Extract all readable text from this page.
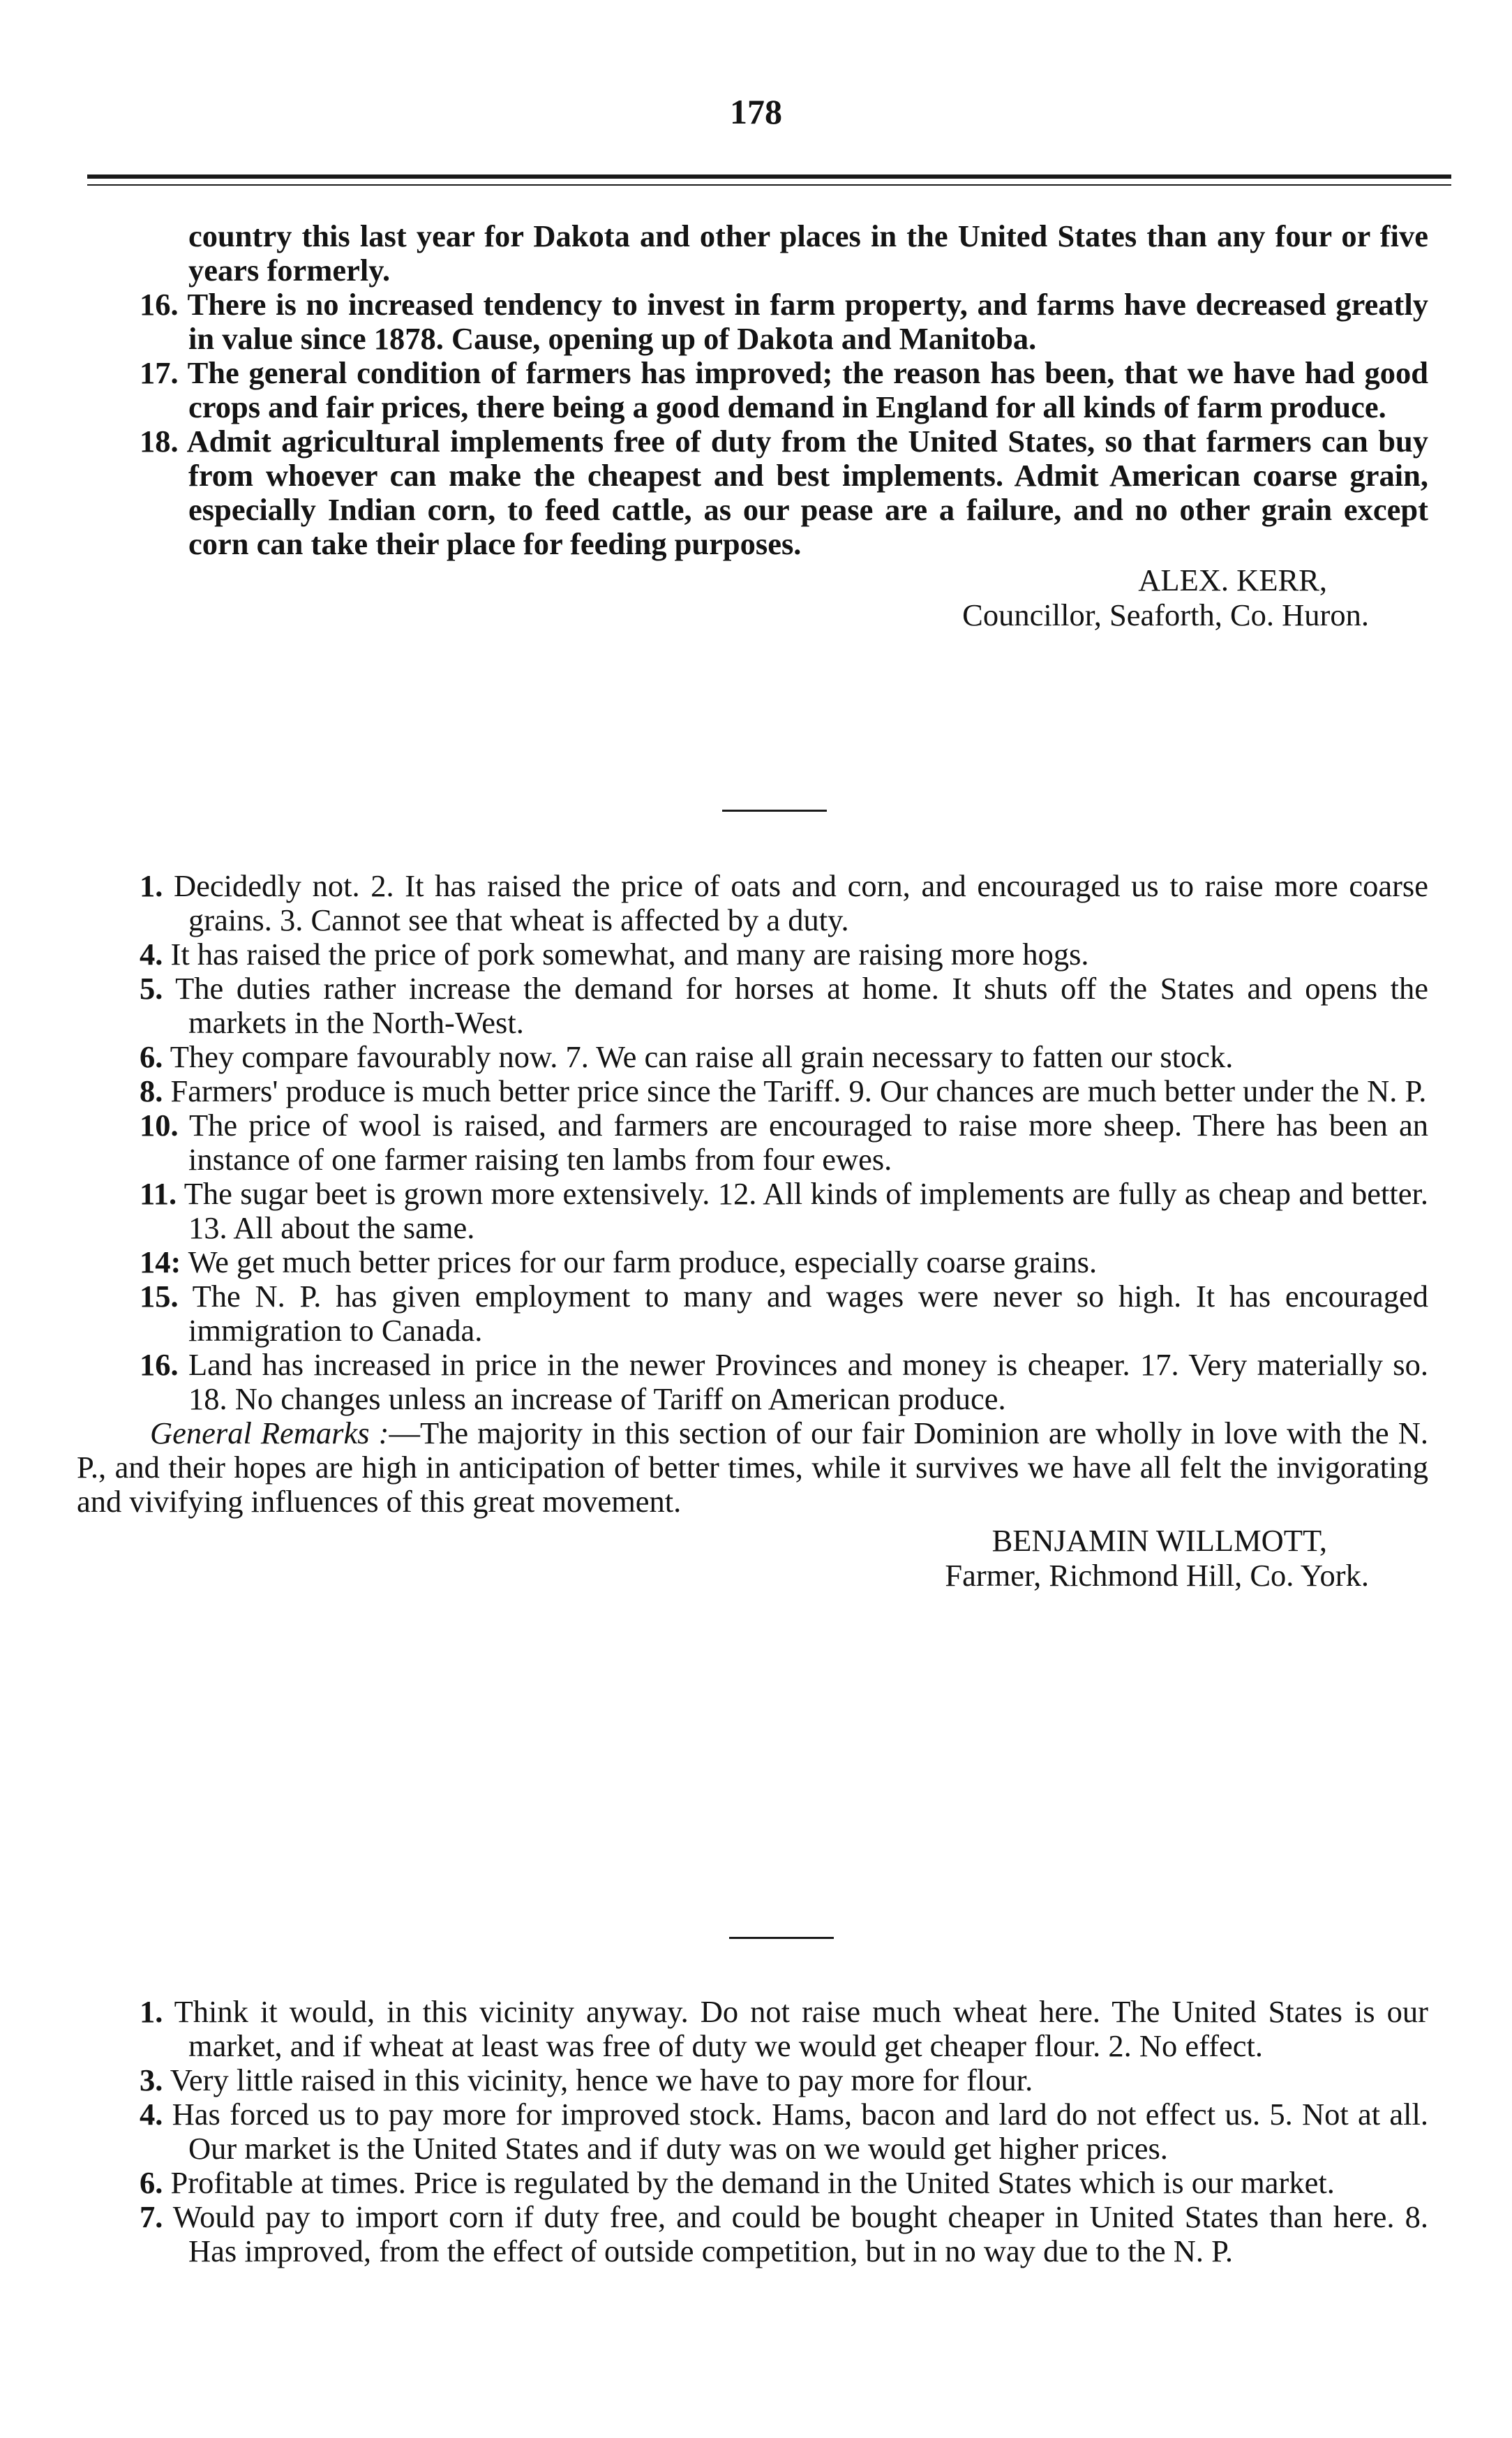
178
country this last year for Dakota and other places in the United States than any four or five years formerly.
16. There is no increased tendency to invest in farm property, and farms have decreased greatly in value since 1878. Cause, opening up of Dakota and Manitoba.
17. The general condition of farmers has improved; the reason has been, that we have had good crops and fair prices, there being a good demand in England for all kinds of farm produce.
18. Admit agricultural implements free of duty from the United States, so that farmers can buy from whoever can make the cheapest and best implements. Admit American coarse grain, especially Indian corn, to feed cattle, as our pease are a failure, and no other grain except corn can take their place for feeding purposes.
ALEX. KERR,
Councillor, Seaforth, Co. Huron.
1. Decidedly not. 2. It has raised the price of oats and corn, and encouraged us to raise more coarse grains. 3. Cannot see that wheat is affected by a duty.
4. It has raised the price of pork somewhat, and many are raising more hogs.
5. The duties rather increase the demand for horses at home. It shuts off the States and opens the markets in the North-West.
6. They compare favourably now. 7. We can raise all grain necessary to fatten our stock.
8. Farmers' produce is much better price since the Tariff. 9. Our chances are much better under the N. P.
10. The price of wool is raised, and farmers are encouraged to raise more sheep. There has been an instance of one farmer raising ten lambs from four ewes.
11. The sugar beet is grown more extensively. 12. All kinds of implements are fully as cheap and better. 13. All about the same.
14: We get much better prices for our farm produce, especially coarse grains.
15. The N. P. has given employment to many and wages were never so high. It has encouraged immigration to Canada.
16. Land has increased in price in the newer Provinces and money is cheaper. 17. Very materially so. 18. No changes unless an increase of Tariff on American produce.
General Remarks :—The majority in this section of our fair Dominion are wholly in love with the N. P., and their hopes are high in anticipation of better times, while it survives we have all felt the invigorating and vivifying influences of this great movement.
BENJAMIN WILLMOTT,
Farmer, Richmond Hill, Co. York.
1. Think it would, in this vicinity anyway. Do not raise much wheat here. The United States is our market, and if wheat at least was free of duty we would get cheaper flour. 2. No effect.
3. Very little raised in this vicinity, hence we have to pay more for flour.
4. Has forced us to pay more for improved stock. Hams, bacon and lard do not effect us. 5. Not at all. Our market is the United States and if duty was on we would get higher prices.
6. Profitable at times. Price is regulated by the demand in the United States which is our market.
7. Would pay to import corn if duty free, and could be bought cheaper in United States than here. 8. Has improved, from the effect of outside competition, but in no way due to the N. P.
